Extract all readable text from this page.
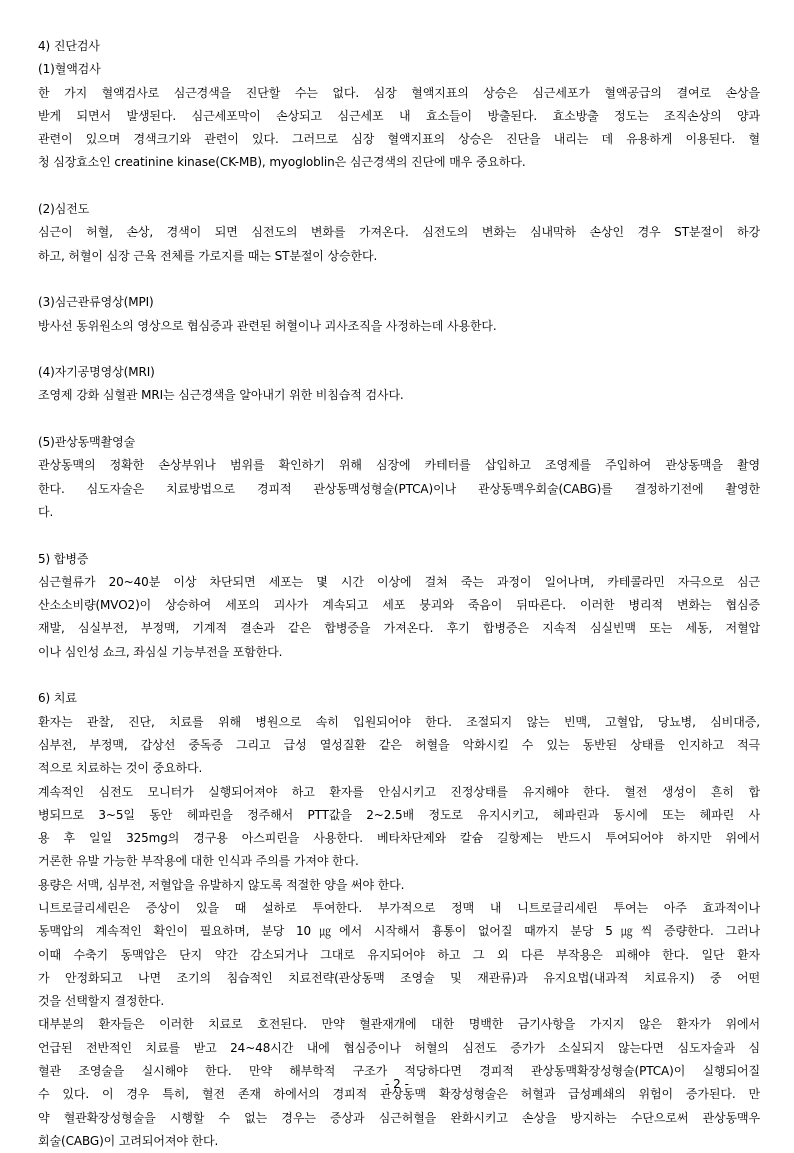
4) 진단검사
(1)혈액검사
한 가지 혈액검사로 심근경색을 진단할 수는 없다. 심장 혈액지표의 상승은 심근세포가 혈액공급의 결여로 손상을
받게 되면서 발생된다. 심근세포막이 손상되고 심근세포 내 효소들이 방출된다. 효소방출 정도는 조직손상의 양과
관련이 있으며 경색크기와 관련이 있다. 그러므로 심장 혈액지표의 상승은 진단을 내리는 데 유용하게 이용된다. 혈
청 심장효소인 creatinine kinase(CK-MB), myogloblin은 심근경색의 진단에 매우 중요하다.
(2)심전도
심근이 허혈, 손상, 경색이 되면 심전도의 변화를 가져온다. 심전도의 변화는 심내막하 손상인 경우 ST분절이 하강
하고, 허혈이 심장 근육 전체를 가로지를 때는 ST분절이 상승한다.
(3)심근관류영상(MPI)
방사선 동위원소의 영상으로 협심증과 관련된 허혈이나 괴사조직을 사정하는데 사용한다.
(4)자기공명영상(MRI)
조영제 강화 심혈관 MRI는 심근경색을 알아내기 위한 비침습적 검사다.
(5)관상동맥촬영술
관상동맥의 정확한 손상부위나 범위를 확인하기 위해 심장에 카테터를 삽입하고 조영제를 주입하여 관상동맥을 촬영
한다. 심도자술은 치료방법으로 경피적 관상동맥성형술(PTCA)이나 관상동맥우회술(CABG)를 결정하기전에 촬영한
다.
5) 합병증
심근혈류가 20~40분 이상 차단되면 세포는 몇 시간 이상에 걸쳐 죽는 과정이 일어나며, 카테콜라민 자극으로 심근
산소소비량(MVO2)이 상승하여 세포의 괴사가 계속되고 세포 붕괴와 죽음이 뒤따른다. 이러한 병리적 변화는 협심증
재발, 심실부전, 부정맥, 기계적 결손과 같은 합병증을 가져온다. 후기 합병증은 지속적 심실빈맥 또는 세동, 저혈압
이나 심인성 쇼크, 좌심실 기능부전을 포함한다.
6) 치료
환자는 관찰, 진단, 치료를 위해 병원으로 속히 입원되어야 한다. 조절되지 않는 빈맥, 고혈압, 당뇨병, 심비대증,
심부전, 부정맥, 갑상선 중독증 그리고 급성 열성질환 같은 허혈을 악화시킬 수 있는 동반된 상태를 인지하고 적극
적으로 치료하는 것이 중요하다.
계속적인 심전도 모니터가 실행되어져야 하고 환자를 안심시키고 진정상태를 유지해야 한다. 혈전 생성이 흔히 합
병되므로 3~5일 동안 헤파린을 정주해서 PTT값을 2~2.5배 정도로 유지시키고, 헤파린과 동시에 또는 헤파린 사
용 후 일일 325mg의 경구용 아스피린을 사용한다. 베타차단제와 칼슘 길항제는 반드시 투여되어야 하지만 위에서
거론한 유발 가능한 부작용에 대한 인식과 주의를 가져야 한다.
용량은 서맥, 심부전, 저혈압을 유발하지 않도록 적절한 양을 써야 한다.
니트로글리세린은 증상이 있을 때 설하로 투여한다. 부가적으로 정맥 내 니트로글리세린 투여는 아주 효과적이나
동맥압의 계속적인 확인이 필요하며, 분당 10㎍에서 시작해서 흉통이 없어질 때까지 분당 5㎍씩 증량한다. 그러나
이때 수축기 동맥압은 단지 약간 감소되거나 그대로 유지되어야 하고 그 외 다른 부작용은 피해야 한다. 일단 환자
가 안정화되고 나면 조기의 침습적인 치료전략(관상동맥 조영술 및 재관류)과 유지요법(내과적 치료유지) 중 어떤
것을 선택할지 결정한다.
대부분의 환자들은 이러한 치료로 호전된다. 만약 혈관재개에 대한 명백한 금기사항을 가지지 않은 환자가 위에서
언급된 전반적인 치료를 받고 24~48시간 내에 협심증이나 허혈의 심전도 증가가 소실되지 않는다면 심도자술과 심
혈관 조영술을 실시해야 한다. 만약 해부학적 구조가 적당하다면 경피적 관상동맥확장성형술(PTCA)이 실행되어질
수 있다. 이 경우 특히, 혈전 존재 하에서의 경피적 관상동맥 확장성형술은 허혈과 급성폐쇄의 위험이 증가된다. 만
약 혈관확장성형술을 시행할 수 없는 경우는 증상과 심근허혈을 완화시키고 손상을 방지하는 수단으로써 관상동맥우
회술(CABG)이 고려되어져야 한다.
- 2 -
